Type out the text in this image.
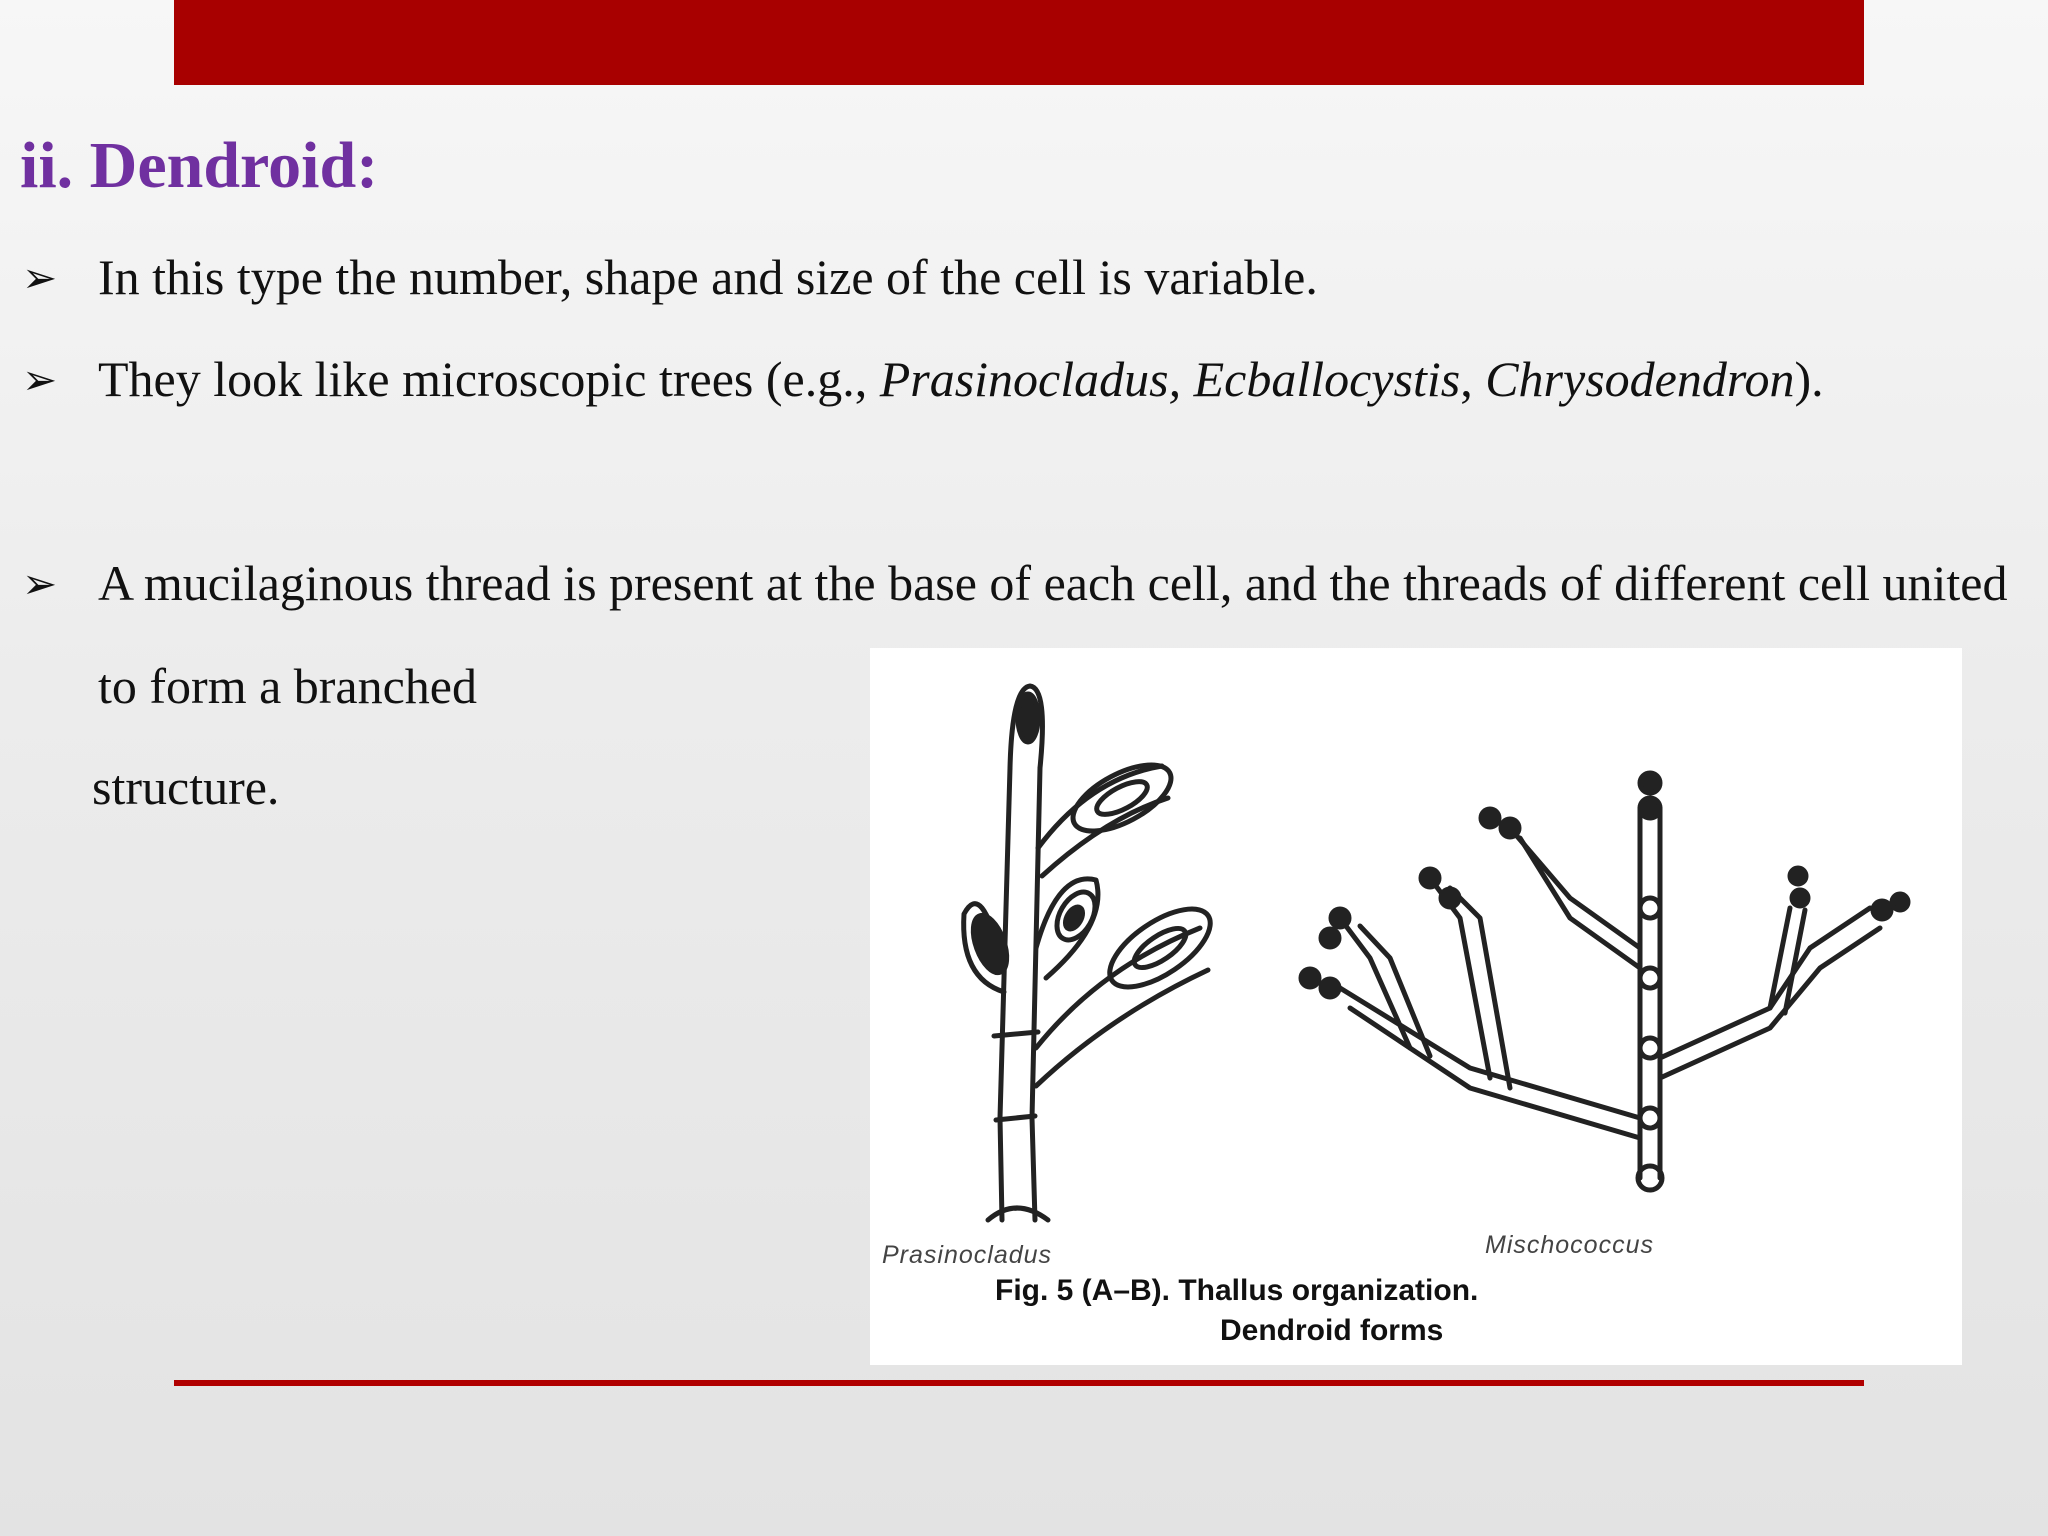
ii. Dendroid:
➢ In this type the number, shape and size of the cell is variable.
➢ They look like microscopic trees (e.g., Prasinocladus, Ecballocystis, Chrysodendron).
➢ A mucilaginous thread is present at the base of each cell, and the threads of different cell united to form a branched
structure.
Prasinocladus	Mischococcus
Fig. 5 (A–B). Thallus organization.
Dendroid forms
